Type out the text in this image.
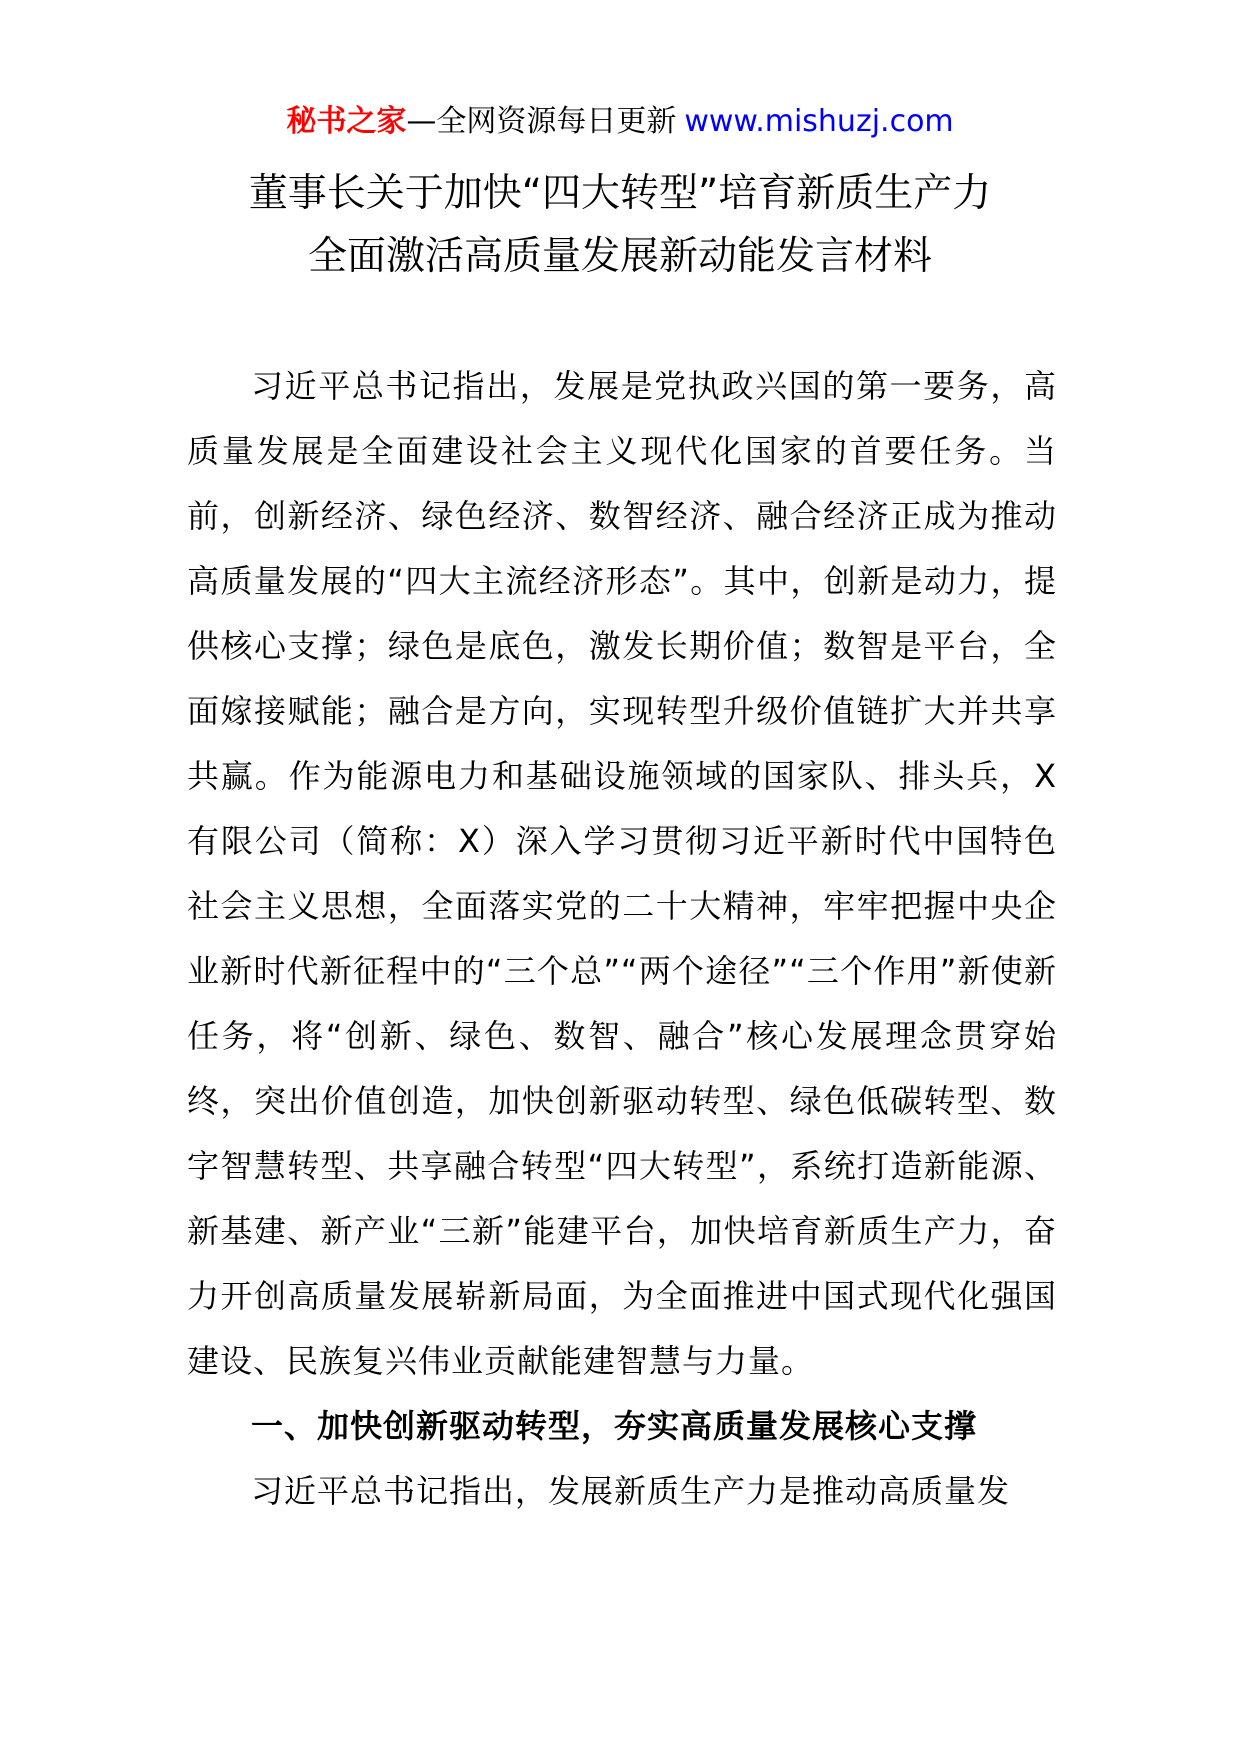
秘书之家—全网资源每日更新 www.mishuzj.com
董事长关于加快“四大转型”培育新质生产力
全面激活高质量发展新动能发言材料

习近平总书记指出，发展是党执政兴国的第一要务，高质量发展是全面建设社会主义现代化国家的首要任务。当前，创新经济、绿色经济、数智经济、融合经济正成为推动高质量发展的“四大主流经济形态”。其中，创新是动力，提供核心支撑；绿色是底色，激发长期价值；数智是平台，全面嫁接赋能；融合是方向，实现转型升级价值链扩大并共享共赢。作为能源电力和基础设施领域的国家队、排头兵，X有限公司（简称：X）深入学习贯彻习近平新时代中国特色社会主义思想，全面落实党的二十大精神，牢牢把握中央企业新时代新征程中的“三个总”“两个途径”“三个作用”新使新任务，将“创新、绿色、数智、融合”核心发展理念贯穿始终，突出价值创造，加快创新驱动转型、绿色低碳转型、数字智慧转型、共享融合转型“四大转型”，系统打造新能源、新基建、新产业“三新”能建平台，加快培育新质生产力，奋力开创高质量发展崭新局面，为全面推进中国式现代化强国建设、民族复兴伟业贡献能建智慧与力量。

一、加快创新驱动转型，夯实高质量发展核心支撑

习近平总书记指出，发展新质生产力是推动高质量发
